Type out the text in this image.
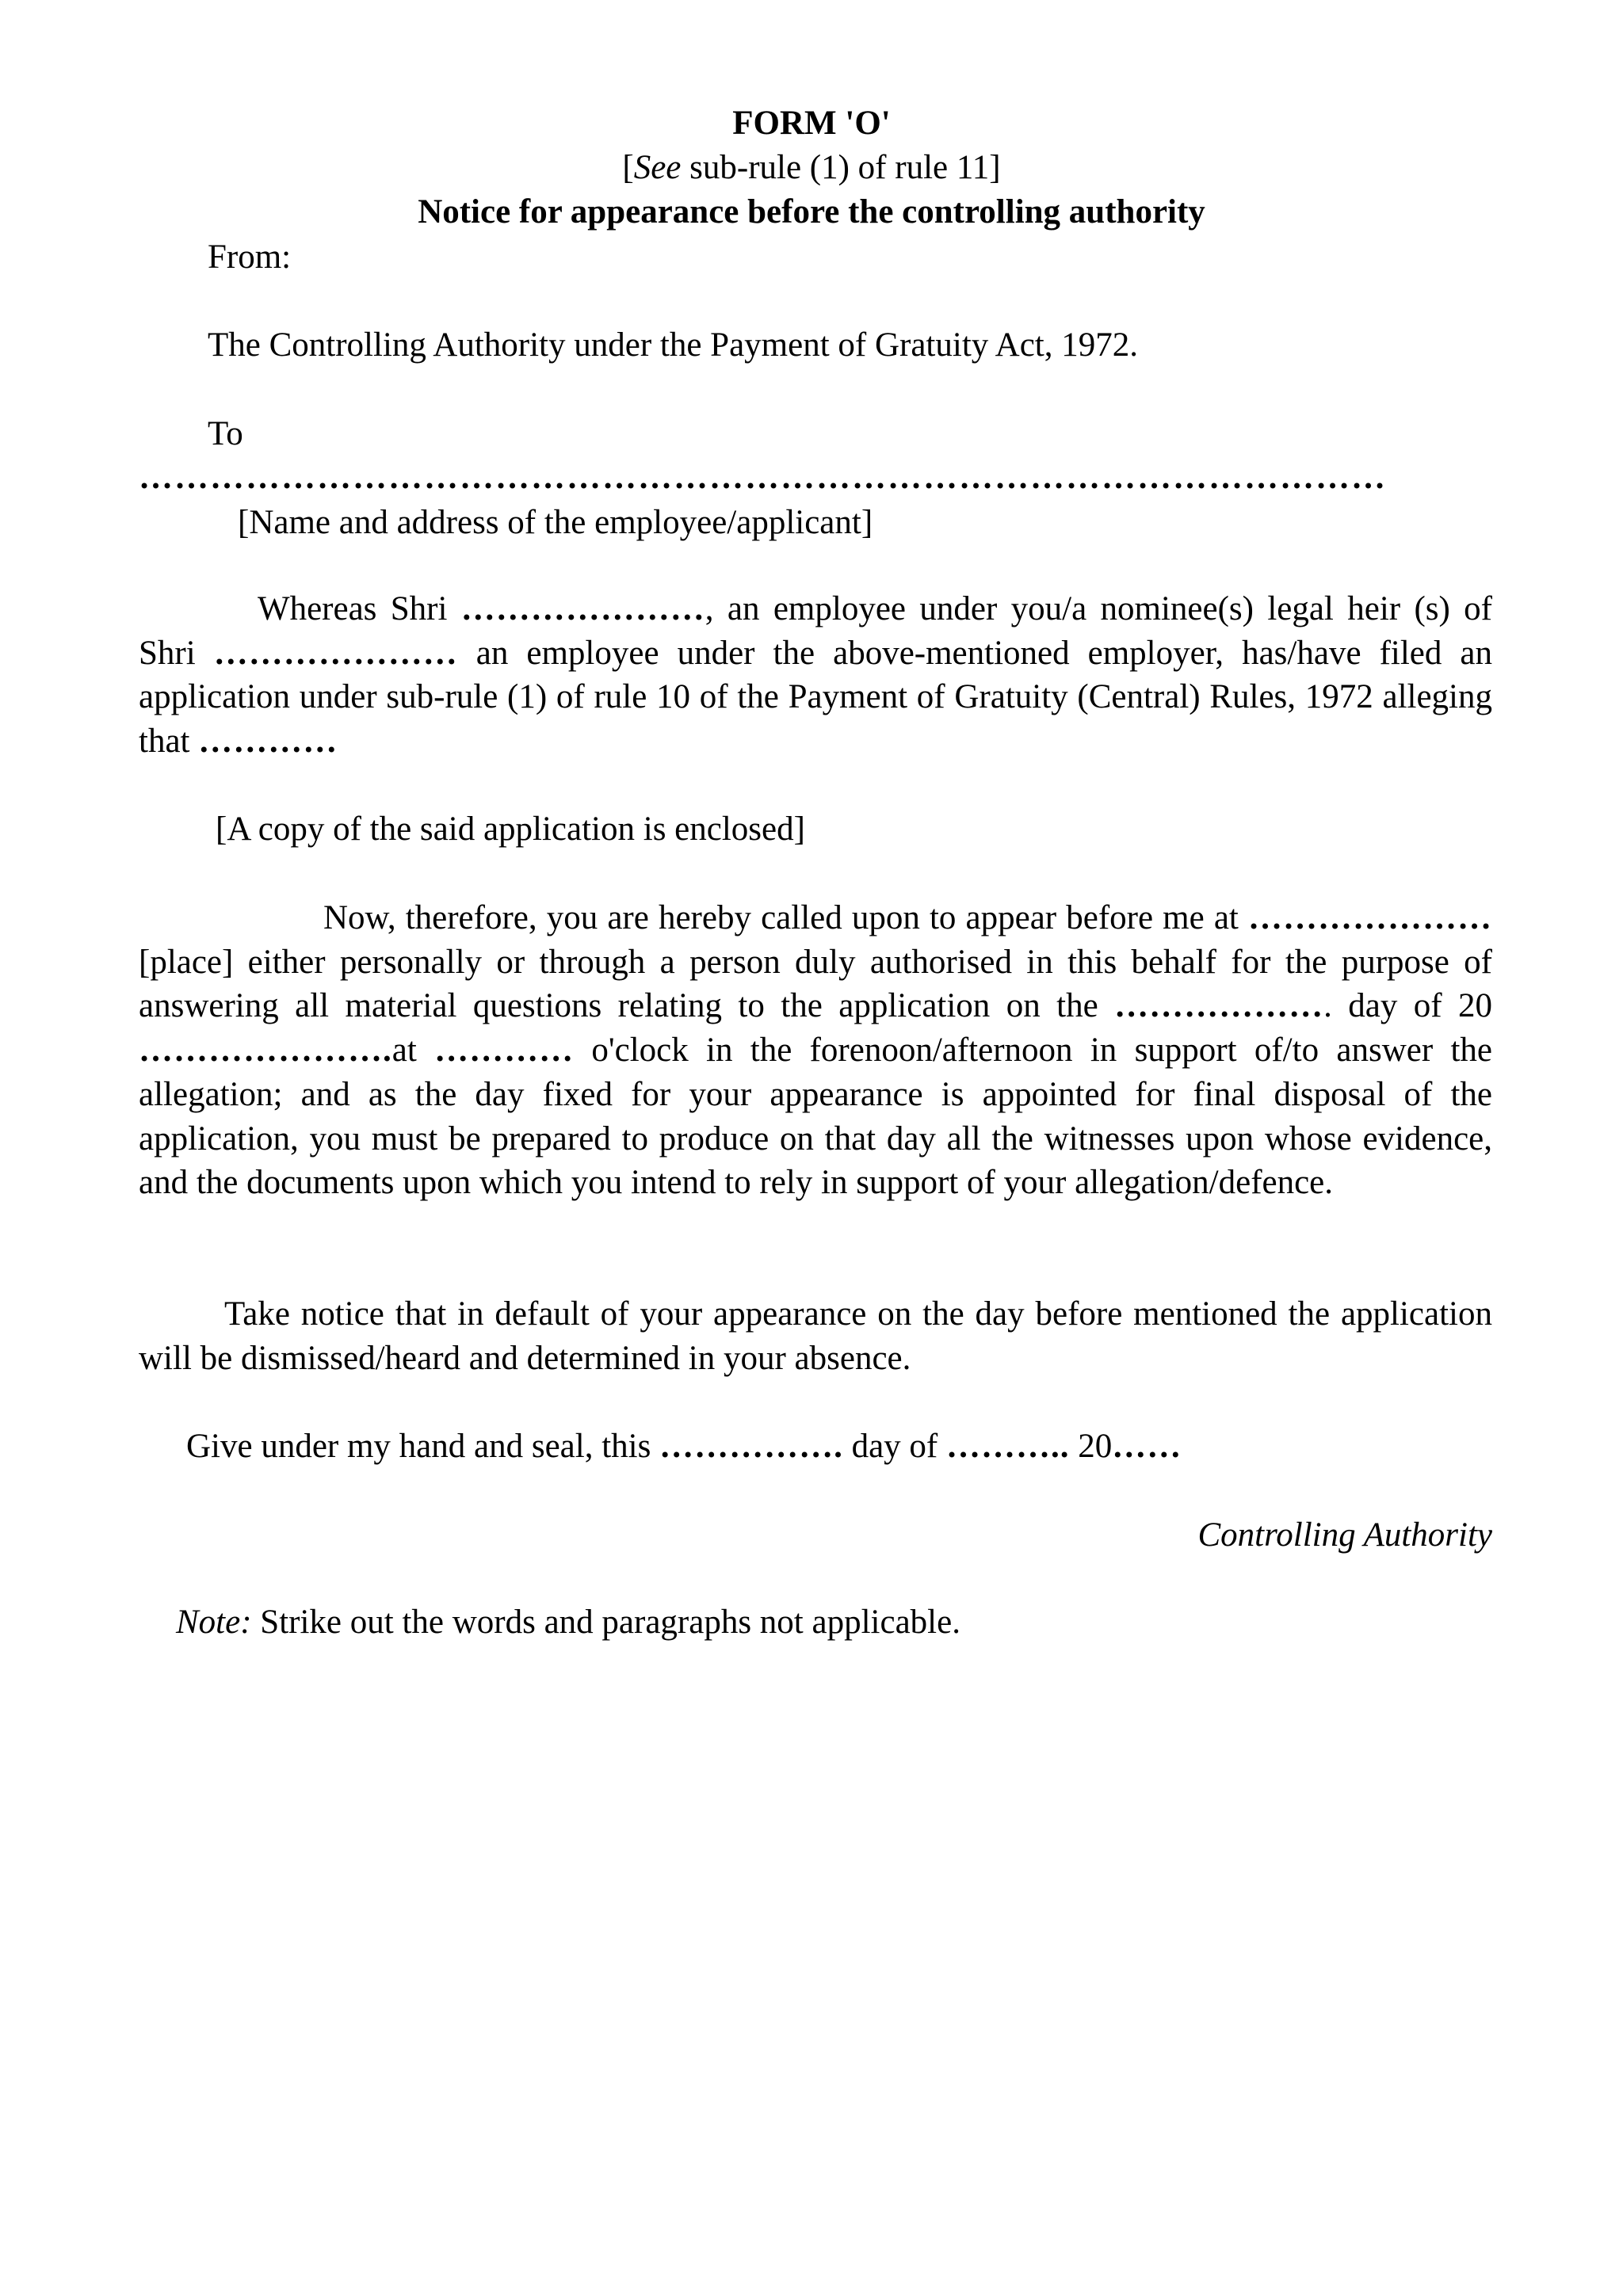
FORM 'O'

[See sub-rule (1) of rule 11]

Notice for appearance before the controlling authority

From:

The Controlling Authority under the Payment of Gratuity Act, 1972.

To

……………………………………………………………………………………………

[Name and address of the employee/applicant]

Whereas Shri …………………, an employee under you/a nominee(s) legal heir (s) of Shri ………………… an employee under the above-mentioned employer, has/have filed an application under sub-rule (1) of rule 10 of the Payment of Gratuity (Central) Rules, 1972 alleging that …………

[A copy of the said application is enclosed]

Now, therefore, you are hereby called upon to appear before me at ………………… [place] either personally or through a person duly authorised in this behalf for the purpose of answering all material questions relating to the application on the ………………. day of 20 ………………….at ………… o'clock in the forenoon/afternoon in support of/to answer the allegation; and as the day fixed for your appearance is appointed for final disposal of the application, you must be prepared to produce on that day all the witnesses upon whose evidence, and the documents upon which you intend to rely in support of your allegation/defence.

Take notice that in default of your appearance on the day before mentioned the application will be dismissed/heard and determined in your absence.

Give under my hand and seal, this ……………. day of ……….. 20……

Controlling Authority

Note: Strike out the words and paragraphs not applicable.
